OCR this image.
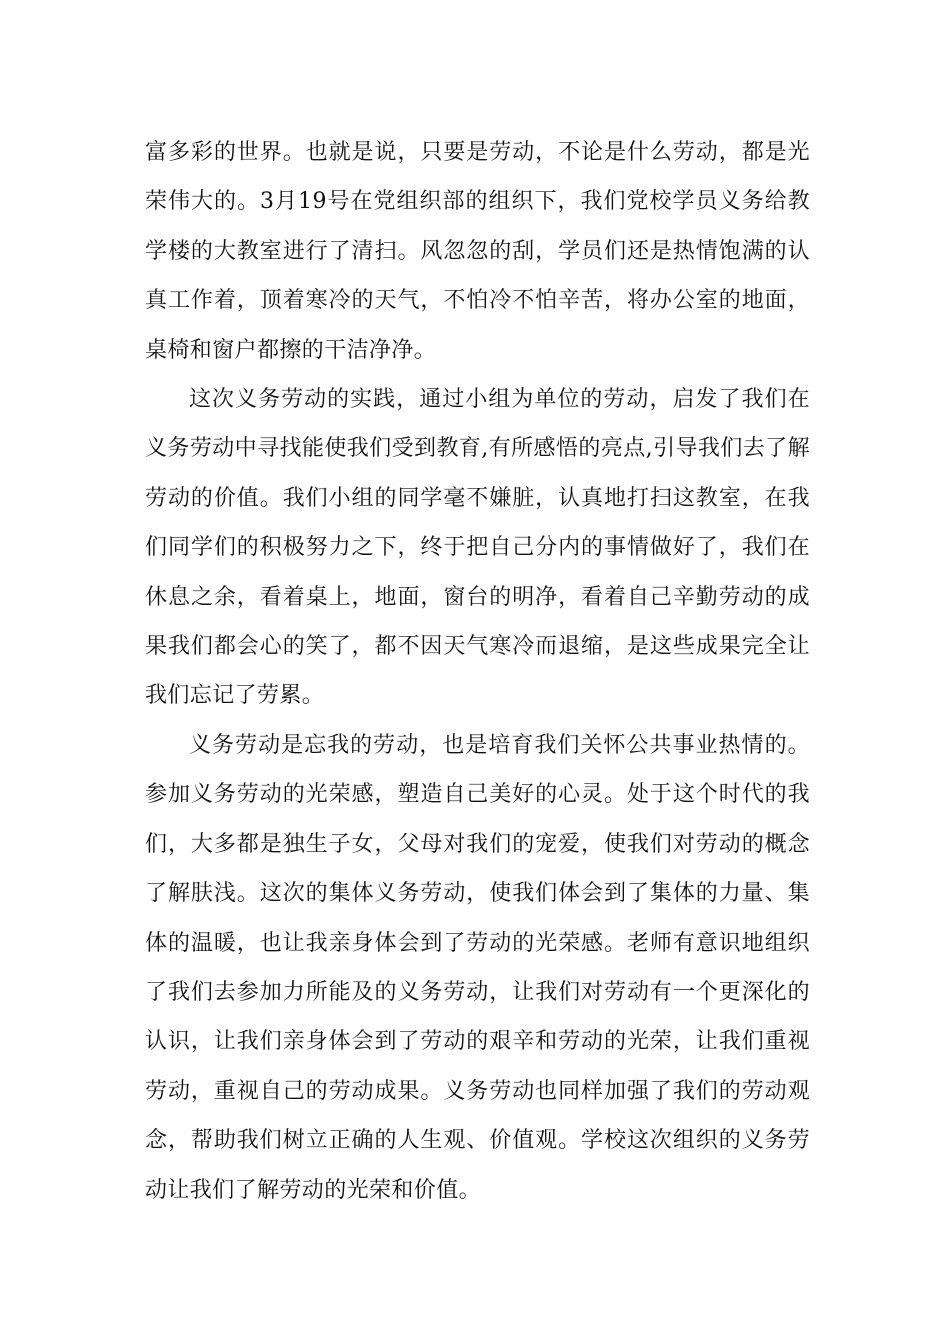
富多彩的世界。也就是说，只要是劳动，不论是什么劳动，都是光荣伟大的。3月19号在党组织部的组织下，我们党校学员义务给教学楼的大教室进行了清扫。风忽忽的刮，学员们还是热情饱满的认真工作着，顶着寒冷的天气，不怕冷不怕辛苦，将办公室的地面，桌椅和窗户都擦的干洁净净。

这次义务劳动的实践，通过小组为单位的劳动，启发了我们在义务劳动中寻找能使我们受到教育,有所感悟的亮点,引导我们去了解劳动的价值。我们小组的同学毫不嫌脏，认真地打扫这教室，在我们同学们的积极努力之下，终于把自己分内的事情做好了，我们在休息之余，看着桌上，地面，窗台的明净，看着自己辛勤劳动的成果我们都会心的笑了，都不因天气寒冷而退缩，是这些成果完全让我们忘记了劳累。

义务劳动是忘我的劳动，也是培育我们关怀公共事业热情的。参加义务劳动的光荣感，塑造自己美好的心灵。处于这个时代的我们，大多都是独生子女，父母对我们的宠爱，使我们对劳动的概念了解肤浅。这次的集体义务劳动，使我们体会到了集体的力量、集体的温暖，也让我亲身体会到了劳动的光荣感。老师有意识地组织了我们去参加力所能及的义务劳动，让我们对劳动有一个更深化的认识，让我们亲身体会到了劳动的艰辛和劳动的光荣，让我们重视劳动，重视自己的劳动成果。义务劳动也同样加强了我们的劳动观念，帮助我们树立正确的人生观、价值观。学校这次组织的义务劳动让我们了解劳动的光荣和价值。
